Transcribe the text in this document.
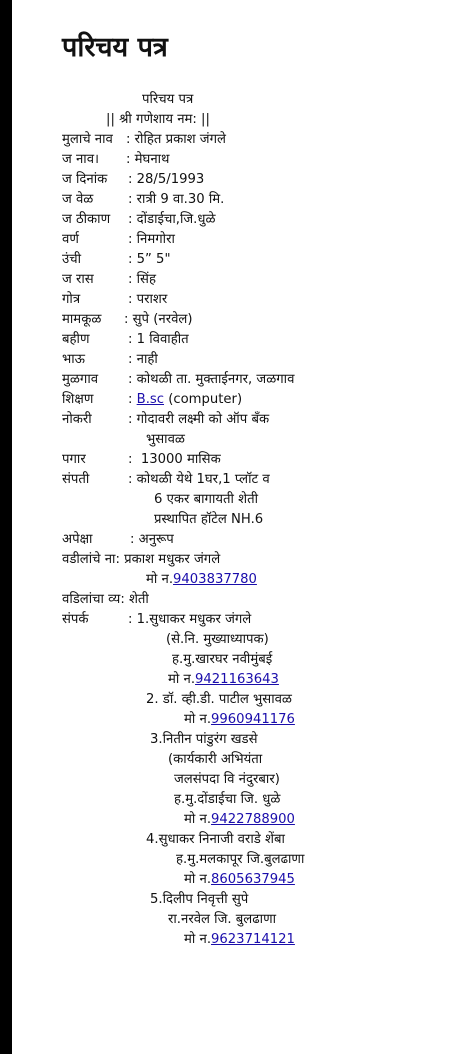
परिचय पत्र
परिचय पत्र
|| श्री गणेशाय नम: ||
मुलाचे नाव : रोहित प्रकाश जंगले
ज नाव।	: मेघनाथ
ज दिनांक	: 28/5/1993
ज वेळ	: रात्री 9 वा.30 मि.
ज ठीकाण	: दोंडाईचा,जि.धुळे
वर्ण	: निमगोरा
उंची	: 5” 5"
ज रास	: सिंह
गोत्र	: पराशर
मामकूळ	: सुपे (नरवेल)
बहीण	: 1 विवाहीत
भाऊ	: नाही
मुळगाव	: कोथळी ता. मुक्ताईनगर, जळगाव
शिक्षण	: B.sc (computer)
नोकरी	: गोदावरी लक्ष्मी को ऑप बँक
भुसावळ
पगार	:  13000 मासिक
संपती	: कोथळी येथे 1घर,1 प्लॉट व
6 एकर बागायती शेती
प्रस्थापित हॉटेल NH.6
अपेक्षा	: अनुरूप
वडीलांचे ना : प्रकाश मधुकर जंगले
मो न.9403837780
वडिलांचा व्य : शेती
संपर्क	: 1.सुधाकर मधुकर जंगले
(से.नि. मुख्याध्यापक)
ह.मु.खारघर नवीमुंबई
मो न.9421163643
2. डॉ. व्ही.डी. पाटील भुसावळ
मो न.9960941176
3.नितीन पांडुरंग खडसे
(कार्यकारी अभियंता
जलसंपदा वि नंदुरबार)
ह.मु.दोंडाईचा जि. धुळे
मो न.9422788900
4.सुधाकर निनाजी वराडे शेंबा
ह.मु.मलकापूर जि.बुलढाणा
मो न.8605637945
5.दिलीप निवृत्ती सुपे
रा.नरवेल जि. बुलढाणा
मो न.9623714121
